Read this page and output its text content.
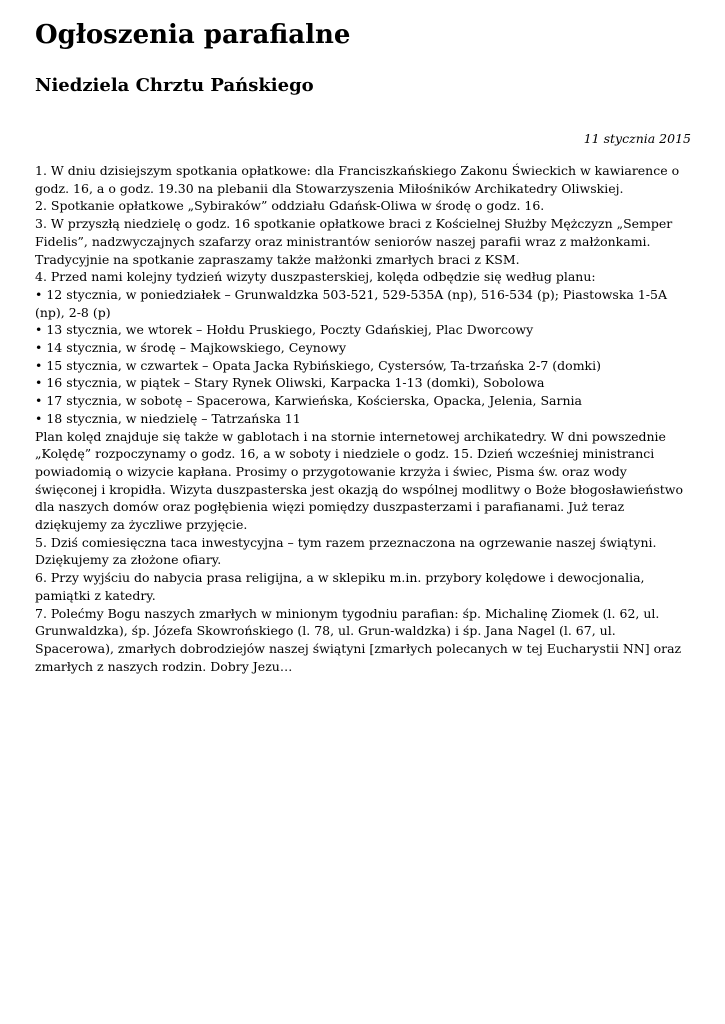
Ogłoszenia parafialne
Niedziela Chrztu Pańskiego
11 stycznia 2015

1. W dniu dzisiejszym spotkania opłatkowe: dla Franciszkańskiego Zakonu Świeckich w kawiarence o godz. 16, a o godz. 19.30 na plebanii dla Stowarzyszenia Miłośników Archikatedry Oliwskiej.

2. Spotkanie opłatkowe „Sybiraków” oddziału Gdańsk-Oliwa w środę o godz. 16.

3. W przyszłą niedzielę o godz. 16 spotkanie opłatkowe braci z Kościelnej Służby Mężczyzn „Semper Fidelis”, nadzwyczajnych szafarzy oraz ministrantów seniorów naszej parafii wraz z małżonkami. Tradycyjnie na spotkanie zapraszamy także małżonki zmarłych braci z KSM.

4. Przed nami kolejny tydzień wizyty duszpasterskiej, kolęda odbędzie się według planu:

• 12 stycznia, w poniedziałek – Grunwaldzka 503-521, 529-535A (np), 516-534 (p); Piastowska 1-5A (np), 2-8 (p)

• 13 stycznia, we wtorek – Hołdu Pruskiego, Poczty Gdańskiej, Plac Dworcowy

• 14 stycznia, w środę – Majkowskiego, Ceynowy

• 15 stycznia, w czwartek – Opata Jacka Rybińskiego, Cystersów, Ta-trzańska 2-7 (domki)

• 16 stycznia, w piątek – Stary Rynek Oliwski, Karpacka 1-13 (domki), Sobolowa

• 17 stycznia, w sobotę – Spacerowa, Karwieńska, Kościerska, Opacka, Jelenia, Sarnia

• 18 stycznia, w niedzielę – Tatrzańska 11

Plan kolęd znajduje się także w gablotach i na stornie internetowej archikatedry. W dni powszednie „Kolędę” rozpoczynamy o godz. 16, a w soboty i niedziele o godz. 15. Dzień wcześniej ministranci powiadomią o wizycie kapłana. Prosimy o przygotowanie krzyża i świec, Pisma św. oraz wody święconej i kropidła. Wizyta duszpasterska jest okazją do wspólnej modlitwy o Boże błogosławieństwo dla naszych domów oraz pogłębienia więzi pomiędzy duszpasterzami i parafianami. Już teraz dziękujemy za życzliwe przyjęcie.

5. Dziś comiesięczna taca inwestycyjna – tym razem przeznaczona na ogrzewanie naszej świątyni. Dziękujemy za złożone ofiary.

6. Przy wyjściu do nabycia prasa religijna, a w sklepiku m.in. przybory kolędowe i dewocjonalia, pamiątki z katedry.

7. Polećmy Bogu naszych zmarłych w minionym tygodniu parafian: śp. Michalinę Ziomek (l. 62, ul. Grunwaldzka), śp. Józefa Skowrońskiego (l. 78, ul. Grun-waldzka) i śp. Jana Nagel (l. 67, ul. Spacerowa), zmarłych dobrodziejów naszej świątyni [zmarłych polecanych w tej Eucharystii NN] oraz zmarłych z naszych rodzin. Dobry Jezu…
